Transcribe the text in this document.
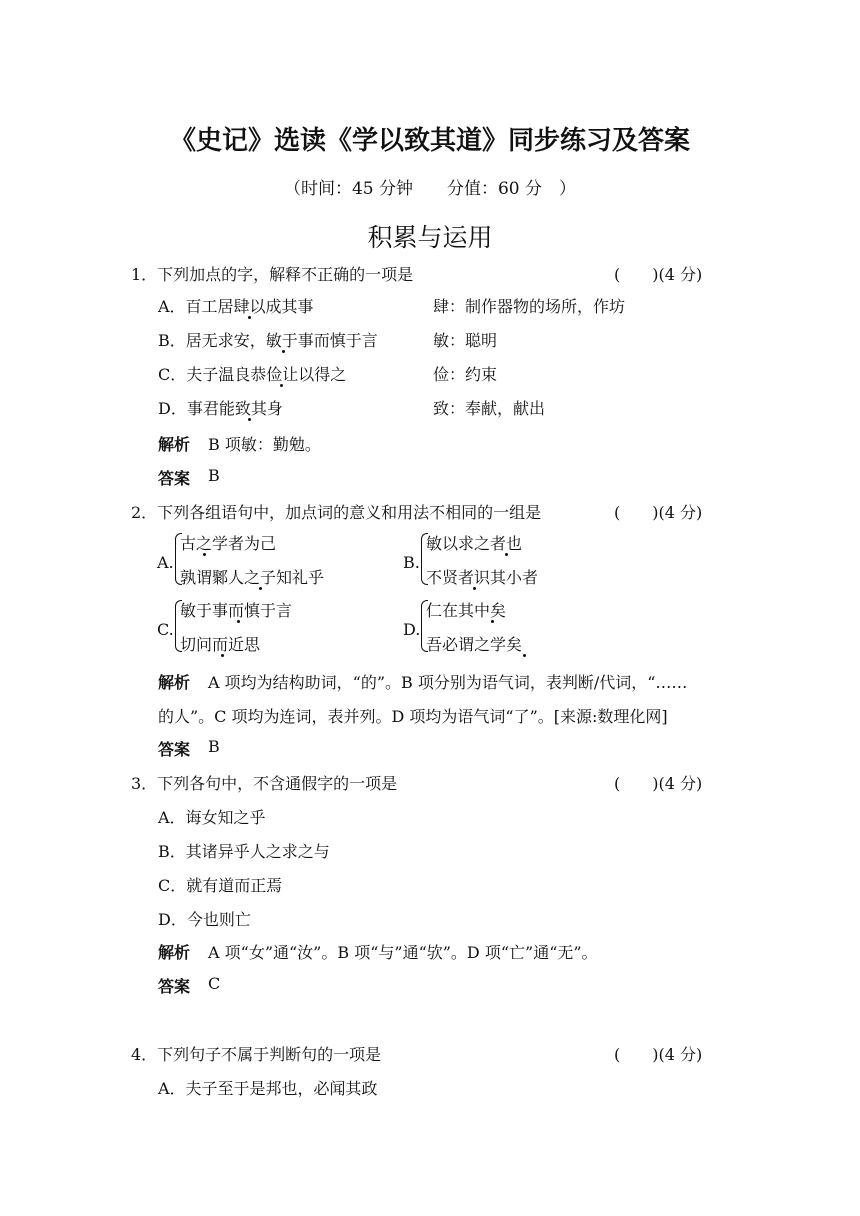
《史记》选读《学以致其道》同步练习及答案
（时间：45 分钟　　分值：60 分　）
积累与运用
1．下列加点的字，解释不正确的一项是	(　　)(4 分)
A．百工居肆以成其事	肆：制作器物的场所，作坊
B．居无求安，敏于事而慎于言	敏：聪明
C．夫子温良恭俭让以得之	俭：约束
D．事君能致其身	致：奉献，献出
解析 B 项敏：勤勉。
答案 B
2．下列各组语句中，加点词的意义和用法不相同的一组是	(　　)(4 分)
A.
古之学者为己
孰谓鄹人之子知礼乎
B.
敏以求之者也
不贤者识其小者
C.
敏于事而慎于言
切问而近思
D.
仁在其中矣
吾必谓之学矣
解析 A 项均为结构助词，“的”。B 项分别为语气词，表判断/代词，“……
的人”。C 项均为连词，表并列。D 项均为语气词“了”。[来源:数理化网]
答案 B
3．下列各句中，不含通假字的一项是	(　　)(4 分)
A．诲女知之乎
B．其诸异乎人之求之与
C．就有道而正焉
D．今也则亡
解析 A 项“女”通“汝”。B 项“与”通“欤”。D 项“亡”通“无”。
答案 C
4．下列句子不属于判断句的一项是	(　　)(4 分)
A．夫子至于是邦也，必闻其政
